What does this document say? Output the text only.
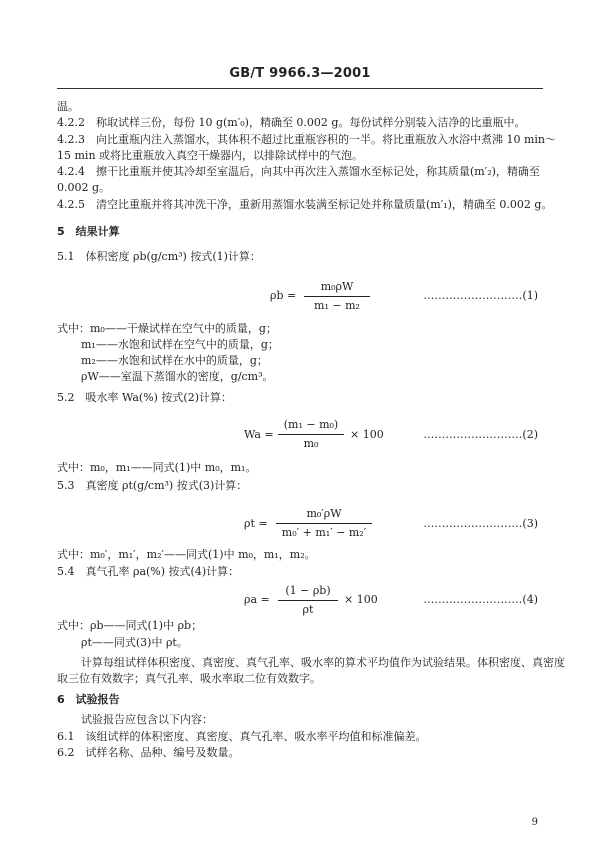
GB/T 9966.3—2001
温。
4.2.2　称取试样三份，每份 10 g(m′₀)，精确至 0.002 g。每份试样分别装入洁净的比重瓶中。
4.2.3　向比重瓶内注入蒸馏水，其体积不超过比重瓶容积的一半。将比重瓶放入水浴中煮沸 10 min～
15 min 或将比重瓶放入真空干燥器内，以排除试样中的气泡。
4.2.4　擦干比重瓶并使其冷却至室温后，向其中再次注入蒸馏水至标记处，称其质量(m′₂)，精确至
0.002 g。
4.2.5　清空比重瓶并将其冲洗干净，重新用蒸馏水装满至标记处并称量质量(m′₁)，精确至 0.002 g。
5　结果计算
5.1　体积密度 ρb(g/cm³) 按式(1)计算：
ρb =
m₀ρW
m₁ − m₂
………………………(1)
式中：m₀——干燥试样在空气中的质量，g；
m₁——水饱和试样在空气中的质量，g；
m₂——水饱和试样在水中的质量，g；
ρW——室温下蒸馏水的密度，g/cm³。
5.2　吸水率 Wa(%) 按式(2)计算：
Wa =
(m₁ − m₀)
m₀
× 100	………………………(2)
式中：m₀，m₁——同式(1)中 m₀，m₁。
5.3　真密度 ρt(g/cm³) 按式(3)计算：
ρt =
m₀′ρW
m₀′ + m₁′ − m₂′
………………………(3)
式中：m₀′，m₁′，m₂′——同式(1)中 m₀，m₁，m₂。
5.4　真气孔率 ρa(%) 按式(4)计算：
ρa =
(1 − ρb)
ρt
× 100	………………………(4)
式中：ρb——同式(1)中 ρb；
ρt——同式(3)中 ρt。
计算每组试样体积密度、真密度、真气孔率、吸水率的算术平均值作为试验结果。体积密度、真密度
取三位有效数字；真气孔率、吸水率取二位有效数字。
6　试验报告
试验报告应包含以下内容：
6.1　该组试样的体积密度、真密度、真气孔率、吸水率平均值和标准偏差。
6.2　试样名称、品种、编号及数量。
9
